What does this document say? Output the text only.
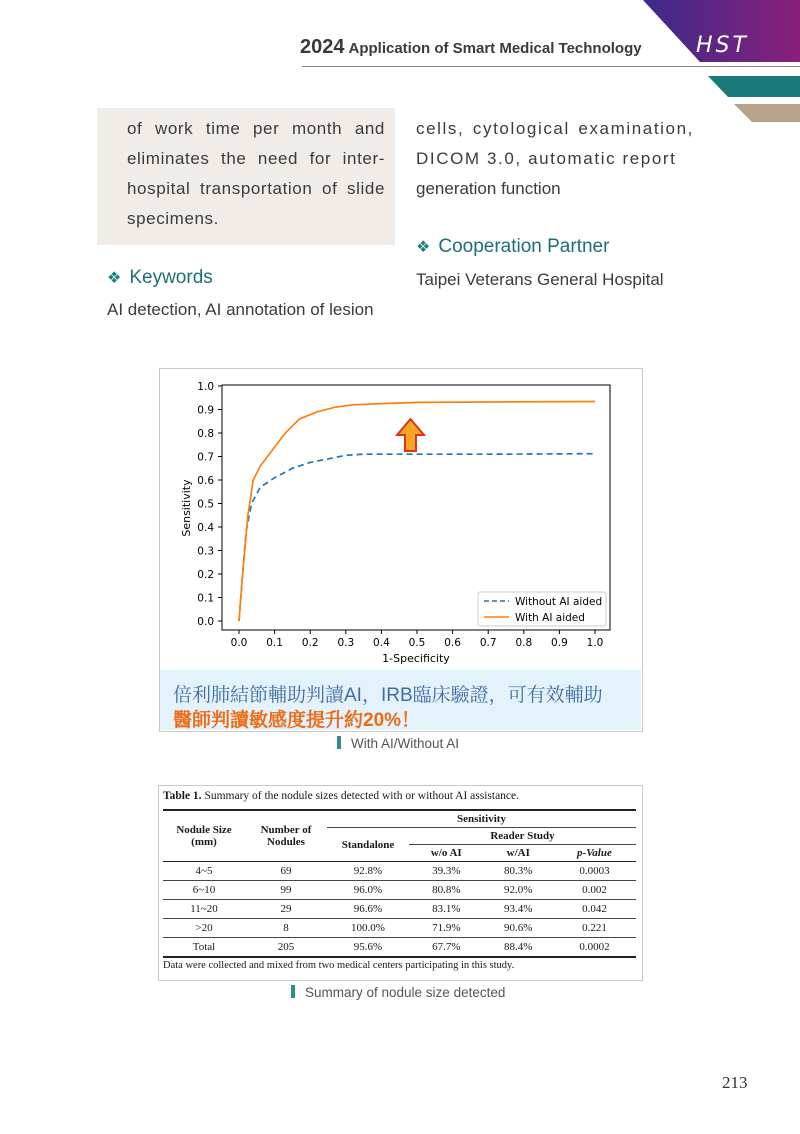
HST
2024 Application of Smart Medical Technology
of work time per month and eliminates the need for inter-hospital transportation of slide specimens.
❖ Keywords
AI detection, AI annotation of lesion
cells, cytological examination, DICOM 3.0, automatic report
generation function
❖ Cooperation Partner
Taipei Veterans General Hospital
0.0 0.1 0.2 0.3 0.4 0.5 0.6 0.7 0.8 0.9 1.0
0.0
0.1
0.2
0.3
0.4
0.5
0.6
0.7
0.8
0.9
1.0
1-Specificity
Sensitivity
Without AI aided
With AI aided
倍利肺結節輔助判讀AI，IRB臨床驗證，可有效輔助
醫師判讀敏感度提升約20%！
With AI/Without AI
Table 1. Summary of the nodule sizes detected with or without AI assistance.
Nodule Size (mm)	Number of Nodules	Sensitivity			
		Standalone	Reader Study		
			w/o AI	w/AI	p-Value
4~5	69	92.8%	39.3%	80.3%	0.0003
6~10	99	96.0%	80.8%	92.0%	0.002
11~20	29	96.6%	83.1%	93.4%	0.042
>20	8	100.0%	71.9%	90.6%	0.221
Total	205	95.6%	67.7%	88.4%	0.0002
Data were collected and mixed from two medical centers participating in this study.
Summary of nodule size detected
213
